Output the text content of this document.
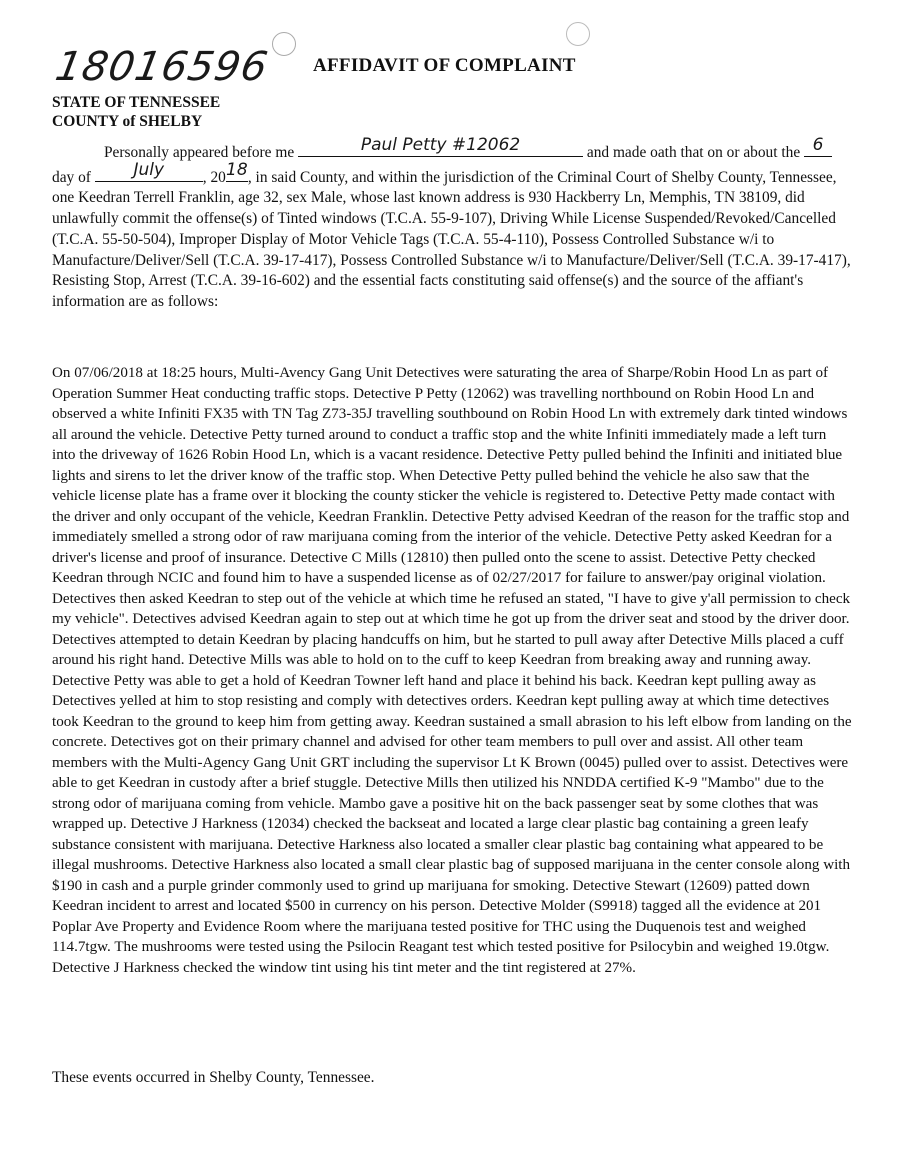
18016596 AFFIDAVIT OF COMPLAINT
STATE OF TENNESSEE
COUNTY of SHELBY
Personally appeared before me	Paul Petty #12062	and made oath that on or about the 6
day of	July	, 20 18 , in said County, and within the jurisdiction of the Criminal Court of Shelby County, Tennessee, one Keedran Terrell Franklin, age 32, sex Male, whose last known address is 930 Hackberry Ln, Memphis, TN 38109, did unlawfully commit the offense(s) of Tinted windows (T.C.A. 55-9-107), Driving While License Suspended/Revoked/Cancelled (T.C.A. 55-50-504), Improper Display of Motor Vehicle Tags (T.C.A. 55-4-110), Possess Controlled Substance w/i to Manufacture/Deliver/Sell (T.C.A. 39-17-417), Possess Controlled Substance w/i to Manufacture/Deliver/Sell (T.C.A. 39-17-417), Resisting Stop, Arrest (T.C.A. 39-16-602) and the essential facts constituting said offense(s) and the source of the affiant's information are as follows:
On 07/06/2018 at 18:25 hours, Multi-Avency Gang Unit Detectives were saturating the area of Sharpe/Robin Hood Ln as part of Operation Summer Heat conducting traffic stops. Detective P Petty (12062) was travelling northbound on Robin Hood Ln and observed a white Infiniti FX35 with TN Tag Z73-35J travelling southbound on Robin Hood Ln with extremely dark tinted windows all around the vehicle. Detective Petty turned around to conduct a traffic stop and the white Infiniti immediately made a left turn into the driveway of 1626 Robin Hood Ln, which is a vacant residence. Detective Petty pulled behind the Infiniti and initiated blue lights and sirens to let the driver know of the traffic stop. When Detective Petty pulled behind the vehicle he also saw that the vehicle license plate has a frame over it blocking the county sticker the vehicle is registered to. Detective Petty made contact with the driver and only occupant of the vehicle, Keedran Franklin. Detective Petty advised Keedran of the reason for the traffic stop and immediately smelled a strong odor of raw marijuana coming from the interior of the vehicle. Detective Petty asked Keedran for a driver's license and proof of insurance. Detective C Mills (12810) then pulled onto the scene to assist. Detective Petty checked Keedran through NCIC and found him to have a suspended license as of 02/27/2017 for failure to answer/pay original violation. Detectives then asked Keedran to step out of the vehicle at which time he refused an stated, "I have to give y'all permission to check my vehicle". Detectives advised Keedran again to step out at which time he got up from the driver seat and stood by the driver door. Detectives attempted to detain Keedran by placing handcuffs on him, but he started to pull away after Detective Mills placed a cuff around his right hand. Detective Mills was able to hold on to the cuff to keep Keedran from breaking away and running away. Detective Petty was able to get a hold of Keedran Towner left hand and place it behind his back. Keedran kept pulling away as Detectives yelled at him to stop resisting and comply with detectives orders. Keedran kept pulling away at which time detectives took Keedran to the ground to keep him from getting away. Keedran sustained a small abrasion to his left elbow from landing on the concrete. Detectives got on their primary channel and advised for other team members to pull over and assist. All other team members with the Multi-Agency Gang Unit GRT including the supervisor Lt K Brown (0045) pulled over to assist. Detectives were able to get Keedran in custody after a brief stuggle. Detective Mills then utilized his NNDDA certified K-9 "Mambo" due to the strong odor of marijuana coming from vehicle. Mambo gave a positive hit on the back passenger seat by some clothes that was wrapped up. Detective J Harkness (12034) checked the backseat and located a large clear plastic bag containing a green leafy substance consistent with marijuana. Detective Harkness also located a smaller clear plastic bag containing what appeared to be illegal mushrooms. Detective Harkness also located a small clear plastic bag of supposed marijuana in the center console along with $190 in cash and a purple grinder commonly used to grind up marijuana for smoking. Detective Stewart (12609) patted down Keedran incident to arrest and located $500 in currency on his person. Detective Molder (S9918) tagged all the evidence at 201 Poplar Ave Property and Evidence Room where the marijuana tested positive for THC using the Duquenois test and weighed 114.7tgw. The mushrooms were tested using the Psilocin Reagant test which tested positive for Psilocybin and weighed 19.0tgw. Detective J Harkness checked the window tint using his tint meter and the tint registered at 27%.
These events occurred in Shelby County, Tennessee.
